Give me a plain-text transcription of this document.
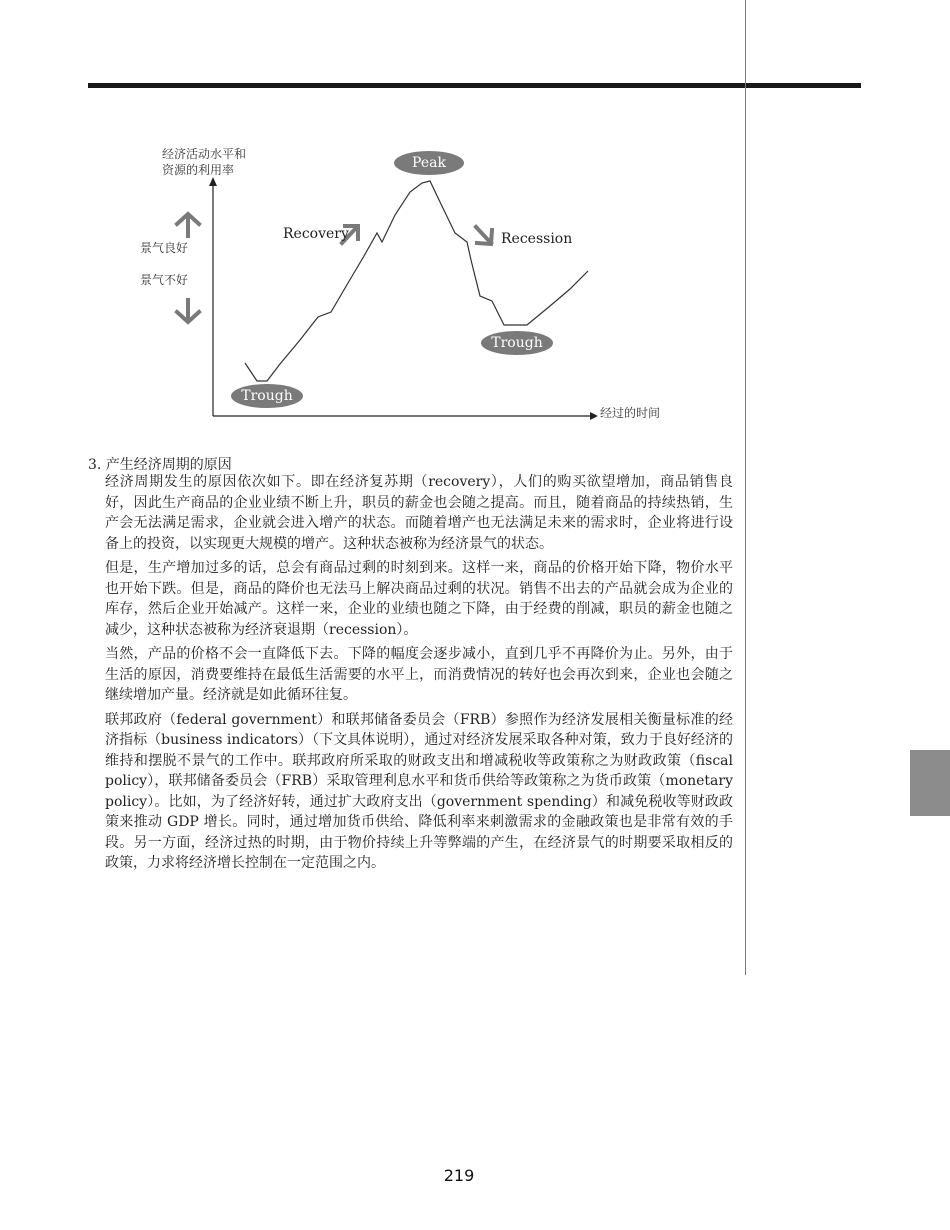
经济活动水平和
资源的利用率
景气良好
景气不好
经过的时间
Peak
Trough
Trough
Recovery	Recession
3. 产生经济周期的原因

经济周期发生的原因依次如下。即在经济复苏期（recovery），人们的购买欲望增加，商品销售良好，因此生产商品的企业业绩不断上升，职员的薪金也会随之提高。而且，随着商品的持续热销，生产会无法满足需求，企业就会进入增产的状态。而随着增产也无法满足未来的需求时，企业将进行设备上的投资，以实现更大规模的增产。这种状态被称为经济景气的状态。

但是，生产增加过多的话，总会有商品过剩的时刻到来。这样一来，商品的价格开始下降，物价水平也开始下跌。但是，商品的降价也无法马上解决商品过剩的状况。销售不出去的产品就会成为企业的库存，然后企业开始减产。这样一来，企业的业绩也随之下降，由于经费的削减，职员的薪金也随之减少，这种状态被称为经济衰退期（recession）。

当然，产品的价格不会一直降低下去。下降的幅度会逐步减小，直到几乎不再降价为止。另外，由于生活的原因，消费要维持在最低生活需要的水平上，而消费情况的转好也会再次到来，企业也会随之继续增加产量。经济就是如此循环往复。

联邦政府（federal government）和联邦储备委员会（FRB）参照作为经济发展相关衡量标准的经济指标（business indicators）（下文具体说明），通过对经济发展采取各种对策，致力于良好经济的维持和摆脱不景气的工作中。联邦政府所采取的财政支出和增减税收等政策称之为财政政策（fiscal policy），联邦储备委员会（FRB）采取管理利息水平和货币供给等政策称之为货币政策（monetary policy）。比如，为了经济好转，通过扩大政府支出（government spending）和减免税收等财政政策来推动 GDP 增长。同时，通过增加货币供给、降低利率来刺激需求的金融政策也是非常有效的手段。另一方面，经济过热的时期，由于物价持续上升等弊端的产生，在经济景气的时期要采取相反的政策，力求将经济增长控制在一定范围之内。

219
